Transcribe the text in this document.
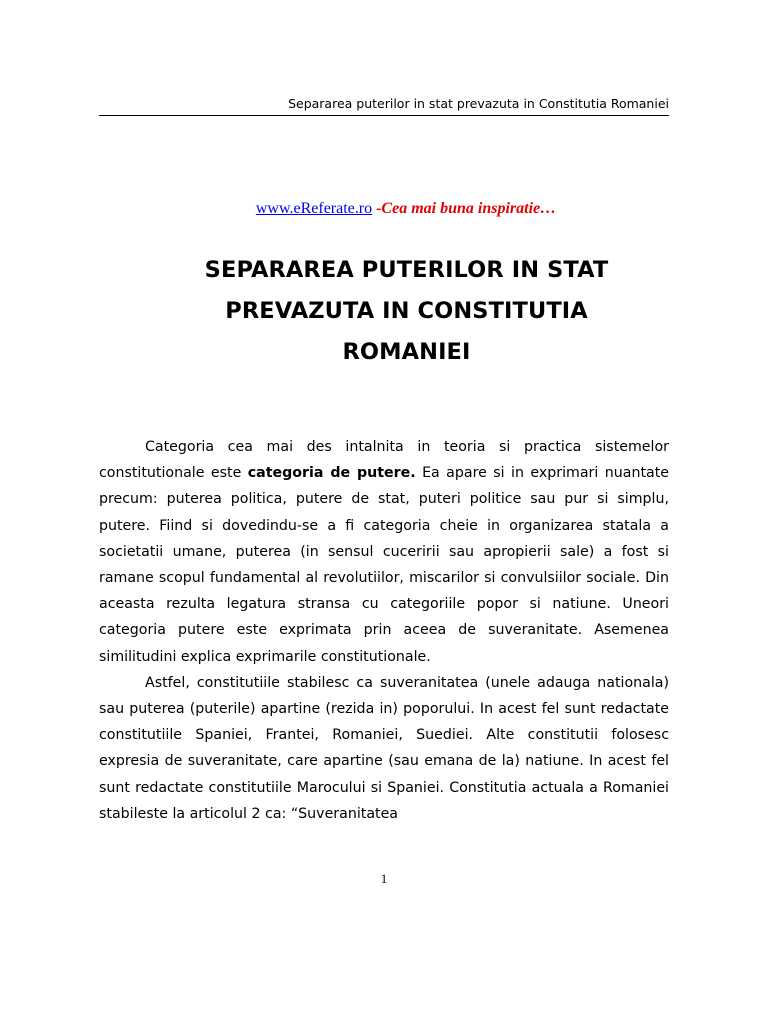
Separarea puterilor in stat prevazuta in Constitutia Romaniei
www.eReferate.ro -Cea mai buna inspiratie…
SEPARAREA PUTERILOR IN STAT
PREVAZUTA IN CONSTITUTIA
ROMANIEI

Categoria cea mai des intalnita in teoria si practica sistemelor constitutionale este categoria de putere. Ea apare si in exprimari nuantate precum: puterea politica, putere de stat, puteri politice sau pur si simplu, putere. Fiind si dovedindu-se a fi categoria cheie in organizarea statala a societatii umane, puterea (in sensul cuceririi sau apropierii sale) a fost si ramane scopul fundamental al revolutiilor, miscarilor si convulsiilor sociale. Din aceasta rezulta legatura stransa cu categoriile popor si natiune. Uneori categoria putere este exprimata prin aceea de suveranitate. Asemenea similitudini explica exprimarile constitutionale.

Astfel, constitutiile stabilesc ca suveranitatea (unele adauga nationala) sau puterea (puterile) apartine (rezida in) poporului. In acest fel sunt redactate constitutiile Spaniei, Frantei, Romaniei, Suediei. Alte constitutii folosesc expresia de suveranitate, care apartine (sau emana de la) natiune. In acest fel sunt redactate constitutiile Marocului si Spaniei. Constitutia actuala a Romaniei stabileste la articolul 2 ca: “Suveranitatea

1
